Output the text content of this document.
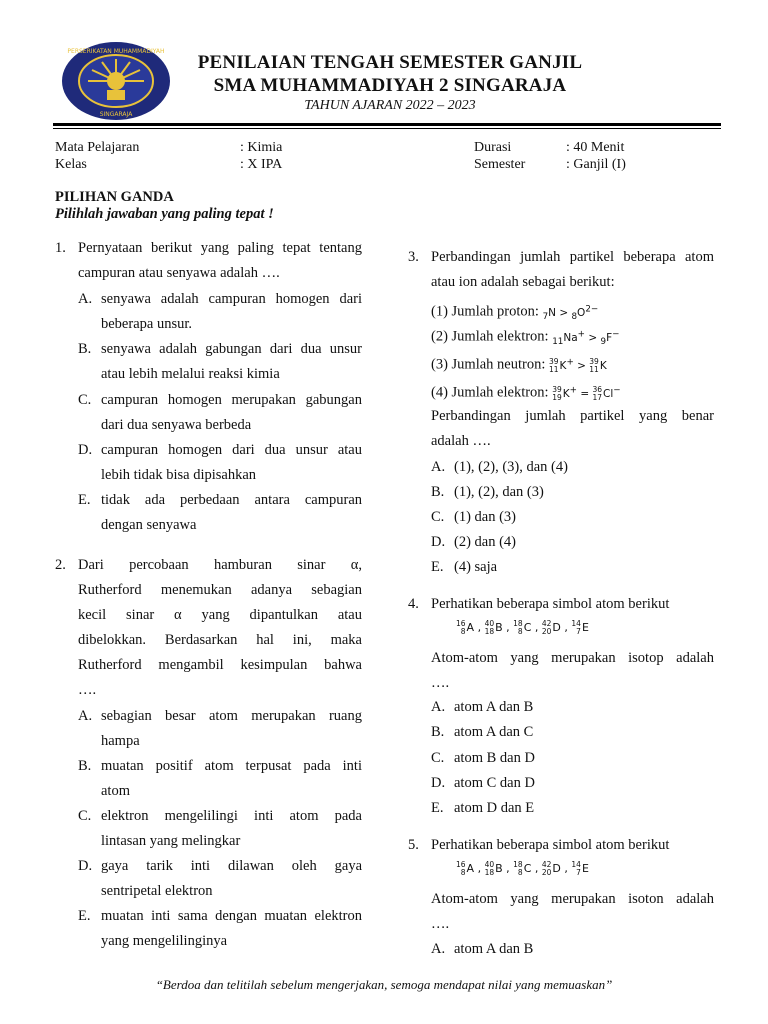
PERSERIKATAN MUHAMMADIYAH
SINGARAJA
PENILAIAN TENGAH SEMESTER GANJIL
SMA MUHAMMADIYAH 2 SINGARAJA
TAHUN AJARAN 2022 – 2023
Mata Pelajaran	: Kimia
Kelas	: X IPA
Durasi	: 40 Menit
Semester	: Ganjil (I)
PILIHAN GANDA
Pilihlah jawaban yang paling tepat !
1. Pernyataan berikut yang paling tepat tentang
campuran atau senyawa adalah ….
A. senyawa adalah campuran homogen dari
beberapa unsur.
B. senyawa adalah gabungan dari dua unsur
atau lebih melalui reaksi kimia
C. campuran homogen merupakan gabungan
dari dua senyawa berbeda
D. campuran homogen dari dua unsur atau
lebih tidak bisa dipisahkan
E. tidak ada perbedaan antara campuran
dengan senyawa
2. Dari percobaan hamburan sinar α,
Rutherford menemukan adanya sebagian
kecil sinar α yang dipantulkan atau
dibelokkan. Berdasarkan hal ini, maka
Rutherford mengambil kesimpulan bahwa
….
A. sebagian besar atom merupakan ruang
hampa
B. muatan positif atom terpusat pada inti
atom
C. elektron mengelilingi inti atom pada
lintasan yang melingkar
D. gaya tarik inti dilawan oleh gaya
sentripetal elektron
E. muatan inti sama dengan muatan elektron
yang mengelilinginya
3. Perbandingan jumlah partikel beberapa atom
atau ion adalah sebagai berikut:
(1) Jumlah proton: $_7N > _8O^{2-}$
(2) Jumlah elektron: $_{11}$Na+ > $_9$F−
(3) Jumlah neutron: 39
11 K+ > 39
11 K
(4) Jumlah elektron: 39
19 K+ = 36
17 Cl−
Perbandingan jumlah partikel yang benar
adalah ….
A. (1), (2), (3), dan (4)
B. (1), (2), dan (3)
C. (1) dan (3)
D. (2) dan (4)
E. (4) saja
4. Perhatikan beberapa simbol atom berikut
16
8 A , 40
18 B , 18
8 C , 42
20 D , 14
7 E
Atom-atom yang merupakan isotop adalah
….
A. atom A dan B
B. atom A dan C
C. atom B dan D
D. atom C dan D
E. atom D dan E
5. Perhatikan beberapa simbol atom berikut
16
8 A , 40
18 B , 18
8 C , 42
20 D , 14
7 E
Atom-atom yang merupakan isoton adalah
….
A. atom A dan B
“Berdoa dan telitilah sebelum mengerjakan, semoga mendapat nilai yang memuaskan”
